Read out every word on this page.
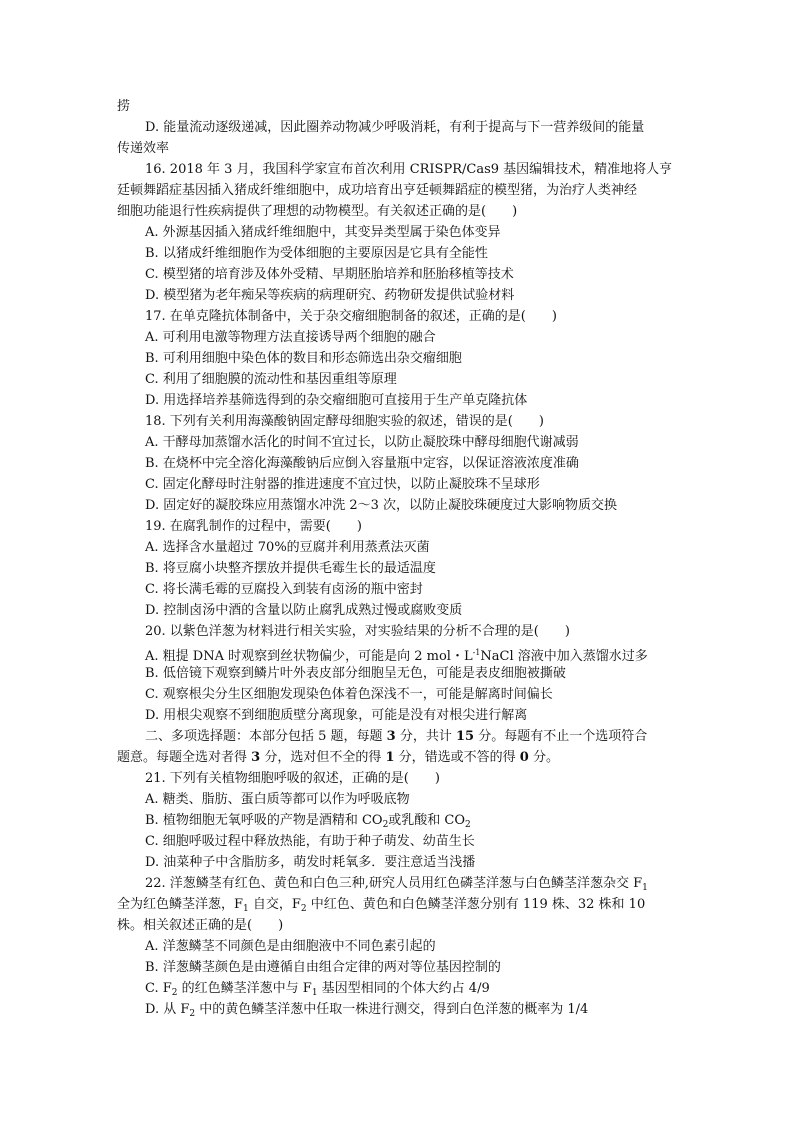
捞
D. 能量流动逐级递减，因此圈养动物减少呼吸消耗，有利于提高与下一营养级间的能量
传递效率
16. 2018 年 3 月，我国科学家宣布首次利用 CRISPR/Cas9 基因编辑技术，精准地将人亨
廷顿舞蹈症基因插入猪成纤维细胞中，成功培育出亨廷顿舞蹈症的模型猪，为治疗人类神经
细胞功能退行性疾病提供了理想的动物模型。有关叙述正确的是(　　)
A. 外源基因插入猪成纤维细胞中，其变异类型属于染色体变异
B. 以猪成纤维细胞作为受体细胞的主要原因是它具有全能性
C. 模型猪的培育涉及体外受精、早期胚胎培养和胚胎移植等技术
D. 模型猪为老年痴呆等疾病的病理研究、药物研发提供试验材料
17. 在单克隆抗体制备中，关于杂交瘤细胞制备的叙述，正确的是(　　)
A. 可利用电激等物理方法直接诱导两个细胞的融合
B. 可利用细胞中染色体的数目和形态筛选出杂交瘤细胞
C. 利用了细胞膜的流动性和基因重组等原理
D. 用选择培养基筛选得到的杂交瘤细胞可直接用于生产单克隆抗体
18. 下列有关利用海藻酸钠固定酵母细胞实验的叙述，错误的是(　　)
A. 干酵母加蒸馏水活化的时间不宜过长，以防止凝胶珠中酵母细胞代谢减弱
B. 在烧杯中完全溶化海藻酸钠后应倒入容量瓶中定容，以保证溶液浓度准确
C. 固定化酵母时注射器的推进速度不宜过快，以防止凝胶珠不呈球形
D. 固定好的凝胶珠应用蒸馏水冲洗 2～3 次，以防止凝胶珠硬度过大影响物质交换
19. 在腐乳制作的过程中，需要(　　)
A. 选择含水量超过 70%的豆腐并利用蒸煮法灭菌
B. 将豆腐小块整齐摆放并提供毛霉生长的最适温度
C. 将长满毛霉的豆腐投入到装有卤汤的瓶中密封
D. 控制卤汤中酒的含量以防止腐乳成熟过慢或腐败变质
20. 以紫色洋葱为材料进行相关实验，对实验结果的分析不合理的是(　　)
A. 粗提 DNA 时观察到丝状物偏少，可能是向 2 mol・$L^{-1}NaCl$ 溶液中加入蒸馏水过多
B. 低倍镜下观察到鳞片叶外表皮部分细胞呈无色，可能是表皮细胞被撕破
C. 观察根尖分生区细胞发现染色体着色深浅不一，可能是解离时间偏长
D. 用根尖观察不到细胞质壁分离现象，可能是没有对根尖进行解离
二、多项选择题：本部分包括 5 题，每题 3 分，共计 15 分。每题有不止一个选项符合
题意。每题全选对者得 3 分，选对但不全的得 1 分，错选或不答的得 0 分。
21. 下列有关植物细胞呼吸的叙述，正确的是(　　)
A. 糖类、脂肪、蛋白质等都可以作为呼吸底物
B. 植物细胞无氧呼吸的产物是酒精和 $CO_2$或乳酸和 $CO_2$
C. 细胞呼吸过程中释放热能，有助于种子萌发、幼苗生长
D. 油菜种子中含脂肪多，萌发时耗氧多．要注意适当浅播
22. 洋葱鳞茎有红色、黄色和白色三种,研究人员用红色磷茎洋葱与白色鳞茎洋葱杂交 $F_1$
全为红色鳞茎洋葱，$F_1$ 自交，$F_2$ 中红色、黄色和白色鳞茎洋葱分别有 119 株、32 株和 10
株。相关叙述正确的是(　　)
A. 洋葱鳞茎不同颜色是由细胞液中不同色素引起的
B. 洋葱鳞茎颜色是由遵循自由组合定律的两对等位基因控制的
C. $F_2$ 的红色鳞茎洋葱中与 $F_1$ 基因型相同的个体大约占 4/9
D. 从 $F_2$ 中的黄色鳞茎洋葱中任取一株进行测交，得到白色洋葱的概率为 1/4
